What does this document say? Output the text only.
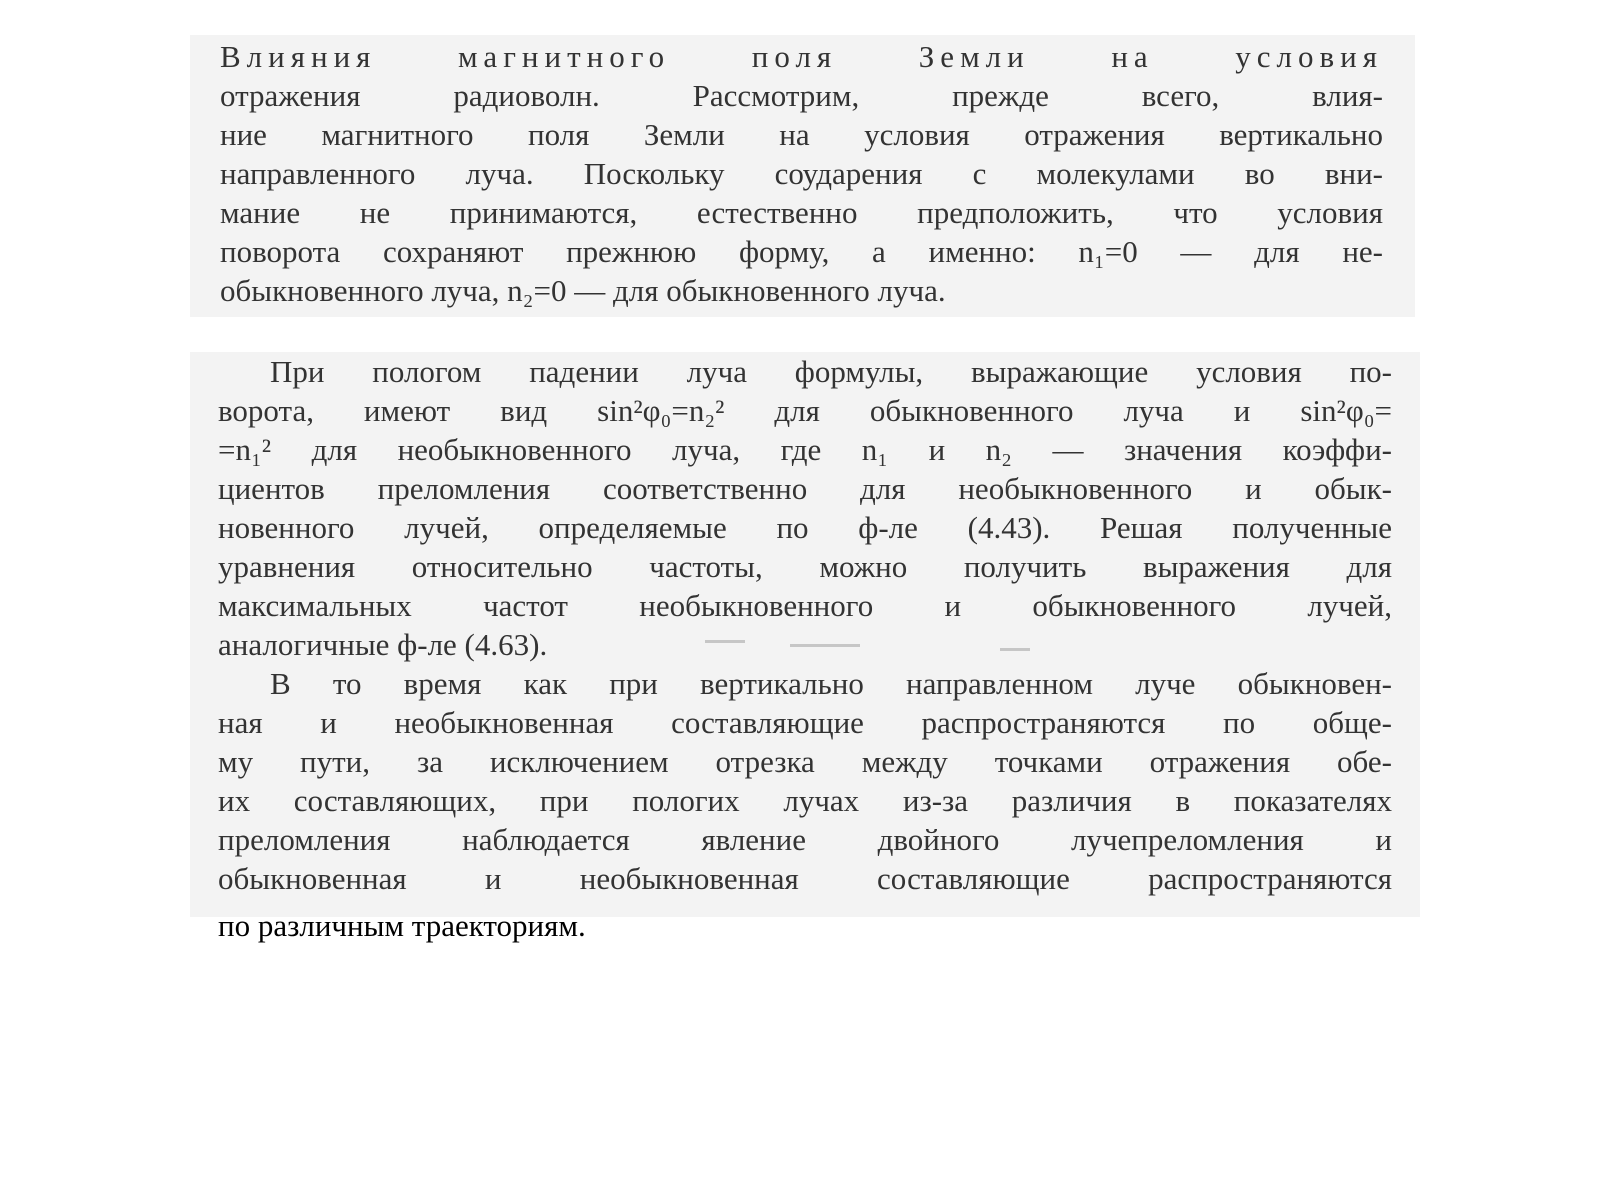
Влияния магнитного поля Земли на условия
отражения радиоволн. Рассмотрим, прежде всего, влия-
ние магнитного поля Земли на условия отражения вертикально
направленного луча. Поскольку соударения с молекулами во вни-
мание не принимаются, естественно предположить, что условия
поворота сохраняют прежнюю форму, а именно: n₁=0 — для не-
обыкновенного луча, n₂=0 — для обыкновенного луча.
При пологом падении луча формулы, выражающие условия по-
ворота, имеют вид sin²φ₀=n₂² для обыкновенного луча и sin²φ₀=
=n₁² для необыкновенного луча, где n₁ и n₂ — значения коэффи-
циентов преломления соответственно для необыкновенного и обык-
новенного лучей, определяемые по ф-ле (4.43). Решая полученные
уравнения относительно частоты, можно получить выражения для
максимальных частот необыкновенного и обыкновенного лучей,
аналогичные ф-ле (4.63).
В то время как при вертикально направленном луче обыкновен-
ная и необыкновенная составляющие распространяются по обще-
му пути, за исключением отрезка между точками отражения обе-
их составляющих, при пологих лучах из-за различия в показателях
преломления наблюдается явление двойного лучепреломления и
обыкновенная и необыкновенная составляющие распространяются
по различным траекториям.
